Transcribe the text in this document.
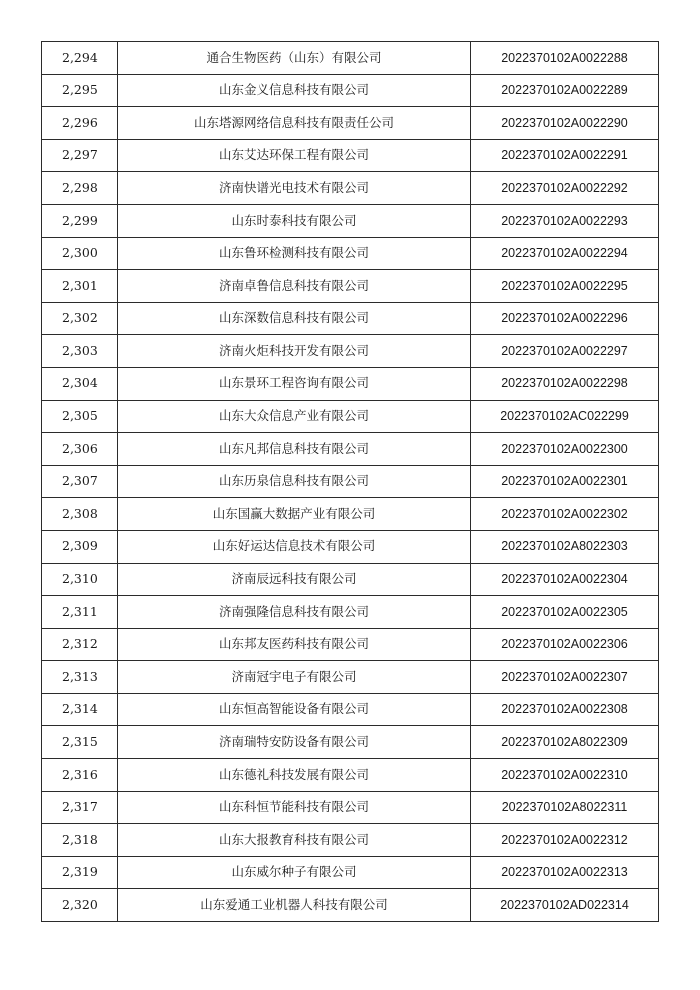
2,294	通合生物医药（山东）有限公司	2022370102A0022288
2,295	山东金义信息科技有限公司	2022370102A0022289
2,296	山东塔源网络信息科技有限责任公司	2022370102A0022290
2,297	山东艾达环保工程有限公司	2022370102A0022291
2,298	济南快谱光电技术有限公司	2022370102A0022292
2,299	山东时泰科技有限公司	2022370102A0022293
2,300	山东鲁环检测科技有限公司	2022370102A0022294
2,301	济南卓鲁信息科技有限公司	2022370102A0022295
2,302	山东深数信息科技有限公司	2022370102A0022296
2,303	济南火炬科技开发有限公司	2022370102A0022297
2,304	山东景环工程咨询有限公司	2022370102A0022298
2,305	山东大众信息产业有限公司	2022370102AC022299
2,306	山东凡邦信息科技有限公司	2022370102A0022300
2,307	山东历泉信息科技有限公司	2022370102A0022301
2,308	山东国赢大数据产业有限公司	2022370102A0022302
2,309	山东好运达信息技术有限公司	2022370102A8022303
2,310	济南辰远科技有限公司	2022370102A0022304
2,311	济南强隆信息科技有限公司	2022370102A0022305
2,312	山东邦友医药科技有限公司	2022370102A0022306
2,313	济南冠宇电子有限公司	2022370102A0022307
2,314	山东恒高智能设备有限公司	2022370102A0022308
2,315	济南瑞特安防设备有限公司	2022370102A8022309
2,316	山东德礼科技发展有限公司	2022370102A0022310
2,317	山东科恒节能科技有限公司	2022370102A8022311
2,318	山东大报教育科技有限公司	2022370102A0022312
2,319	山东威尔种子有限公司	2022370102A0022313
2,320	山东爱通工业机器人科技有限公司	2022370102AD022314
